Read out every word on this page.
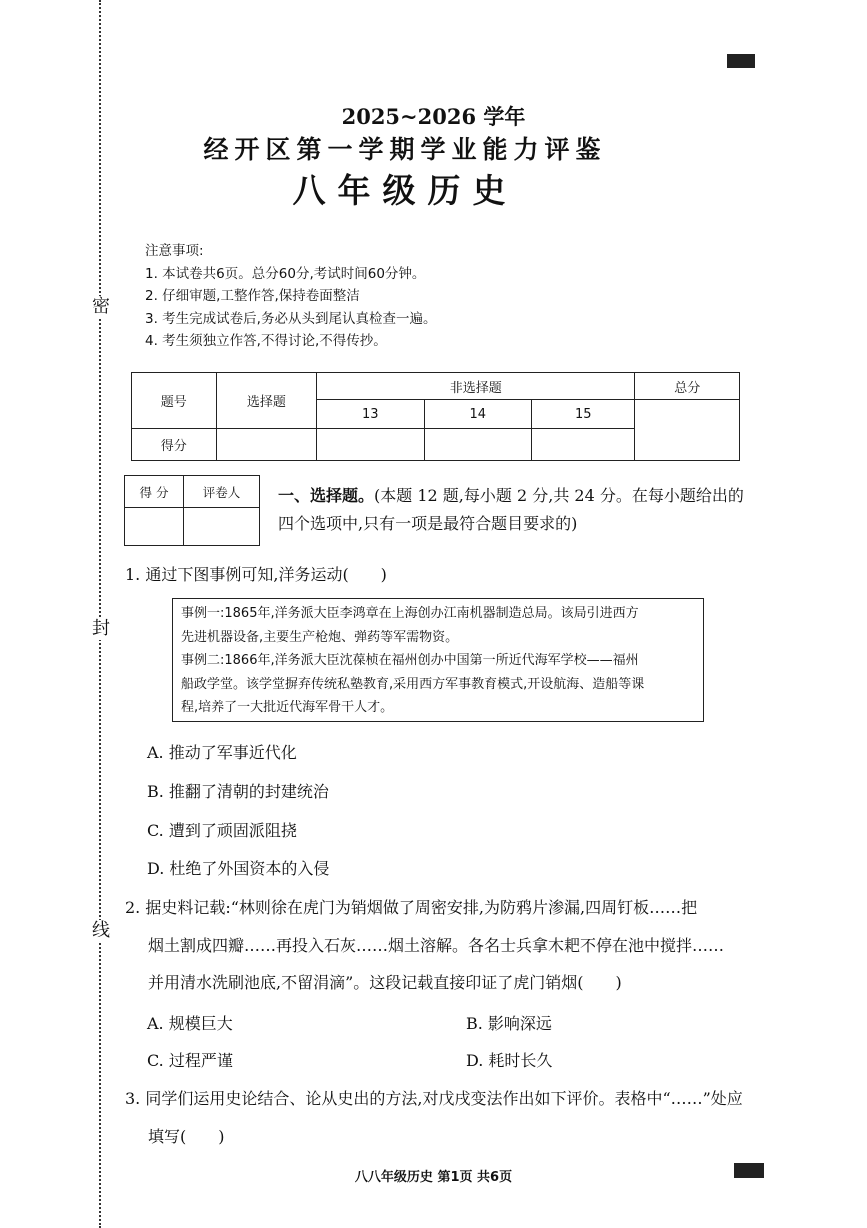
密
封
线
2025~2026 学年
经开区第一学期学业能力评鉴
八年级历史
注意事项:
1. 本试卷共6页。总分60分,考试时间60分钟。
2. 仔细审题,工整作答,保持卷面整洁
3. 考生完成试卷后,务必从头到尾认真检查一遍。
4. 考生须独立作答,不得讨论,不得传抄。
题号	选择题	非选择题			总分
		13	14	15	
得分					
得 分	评卷人
	一、选择题。(本题 12 题,每小题 2 分,共 24 分。在每小题给出的
四个选项中,只有一项是最符合题目要求的)
1. 通过下图事例可知,洋务运动(　　)
事例一:1865年,洋务派大臣李鸿章在上海创办江南机器制造总局。该局引进西方
先进机器设备,主要生产枪炮、弹药等军需物资。
事例二:1866年,洋务派大臣沈葆桢在福州创办中国第一所近代海军学校——福州
船政学堂。该学堂摒弃传统私塾教育,采用西方军事教育模式,开设航海、造船等课
程,培养了一大批近代海军骨干人才。
A. 推动了军事近代化
B. 推翻了清朝的封建统治
C. 遭到了顽固派阻挠
D. 杜绝了外国资本的入侵
2. 据史料记载:“林则徐在虎门为销烟做了周密安排,为防鸦片渗漏,四周钉板……把
烟土割成四瓣……再投入石灰……烟土溶解。各名士兵拿木耙不停在池中搅拌……
并用清水洗刷池底,不留涓滴”。这段记载直接印证了虎门销烟(　　)
A. 规模巨大	B. 影响深远
C. 过程严谨	D. 耗时长久
3. 同学们运用史论结合、论从史出的方法,对戊戌变法作出如下评价。表格中“……”处应
填写(　　)
八八年级历史 第1页 共6页
